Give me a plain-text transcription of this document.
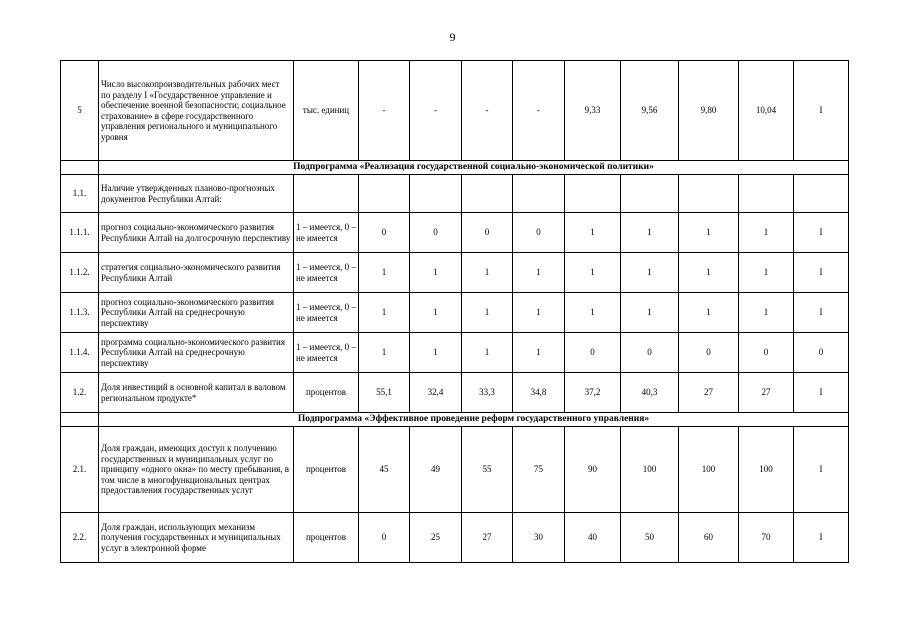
9
5	Число высокопроизводительных рабочих мест по разделу I «Государственное управление и обеспечение военной безопасности; социальное страхование» в сфере государственного управления регионального и муниципального уровня	тыс. единиц	-	-	-	-	9,33	9,56	9,80	10,04	I
	Подпрограмма «Реализация государственной социально-экономической политики»										
1.1.	Наличие утвержденных планово-прогнозных документов Республики Алтай:										
1.1.1.	прогноз социально-экономического развития Республики Алтай на долгосрочную перспективу	1 – имеется, 0 – не имеется	0	0	0	0	1	1	1	1	I
1.1.2.	стратегия социально-экономического развития Республики Алтай	1 – имеется, 0 – не имеется	1	1	1	1	1	1	1	1	I
1.1.3.	прогноз социально-экономического развития Республики Алтай на среднесрочную перспективу	1 – имеется, 0 – не имеется	1	1	1	1	1	1	1	1	I
1.1.4.	программа социально-экономического развития Республики Алтай на среднесрочную перспективу	1 – имеется, 0 – не имеется	1	1	1	1	0	0	0	0	0
1.2.	Доля инвестиций в основной капитал в валовом региональном продукте*	процентов	55,1	32,4	33,3	34,8	37,2	40,3	27	27	I
	Подпрограмма «Эффективное проведение реформ государственного управления»										
2.1.	Доля граждан, имеющих доступ к получению государственных и муниципальных услуг по принципу «одного окна» по месту пребывания, в том числе в многофункциональных центрах предоставления государственных услуг	процентов	45	49	55	75	90	100	100	100	I
2.2.	Доля граждан, использующих механизм получения государственных и муниципальных услуг в электронной форме	процентов	0	25	27	30	40	50	60	70	I
